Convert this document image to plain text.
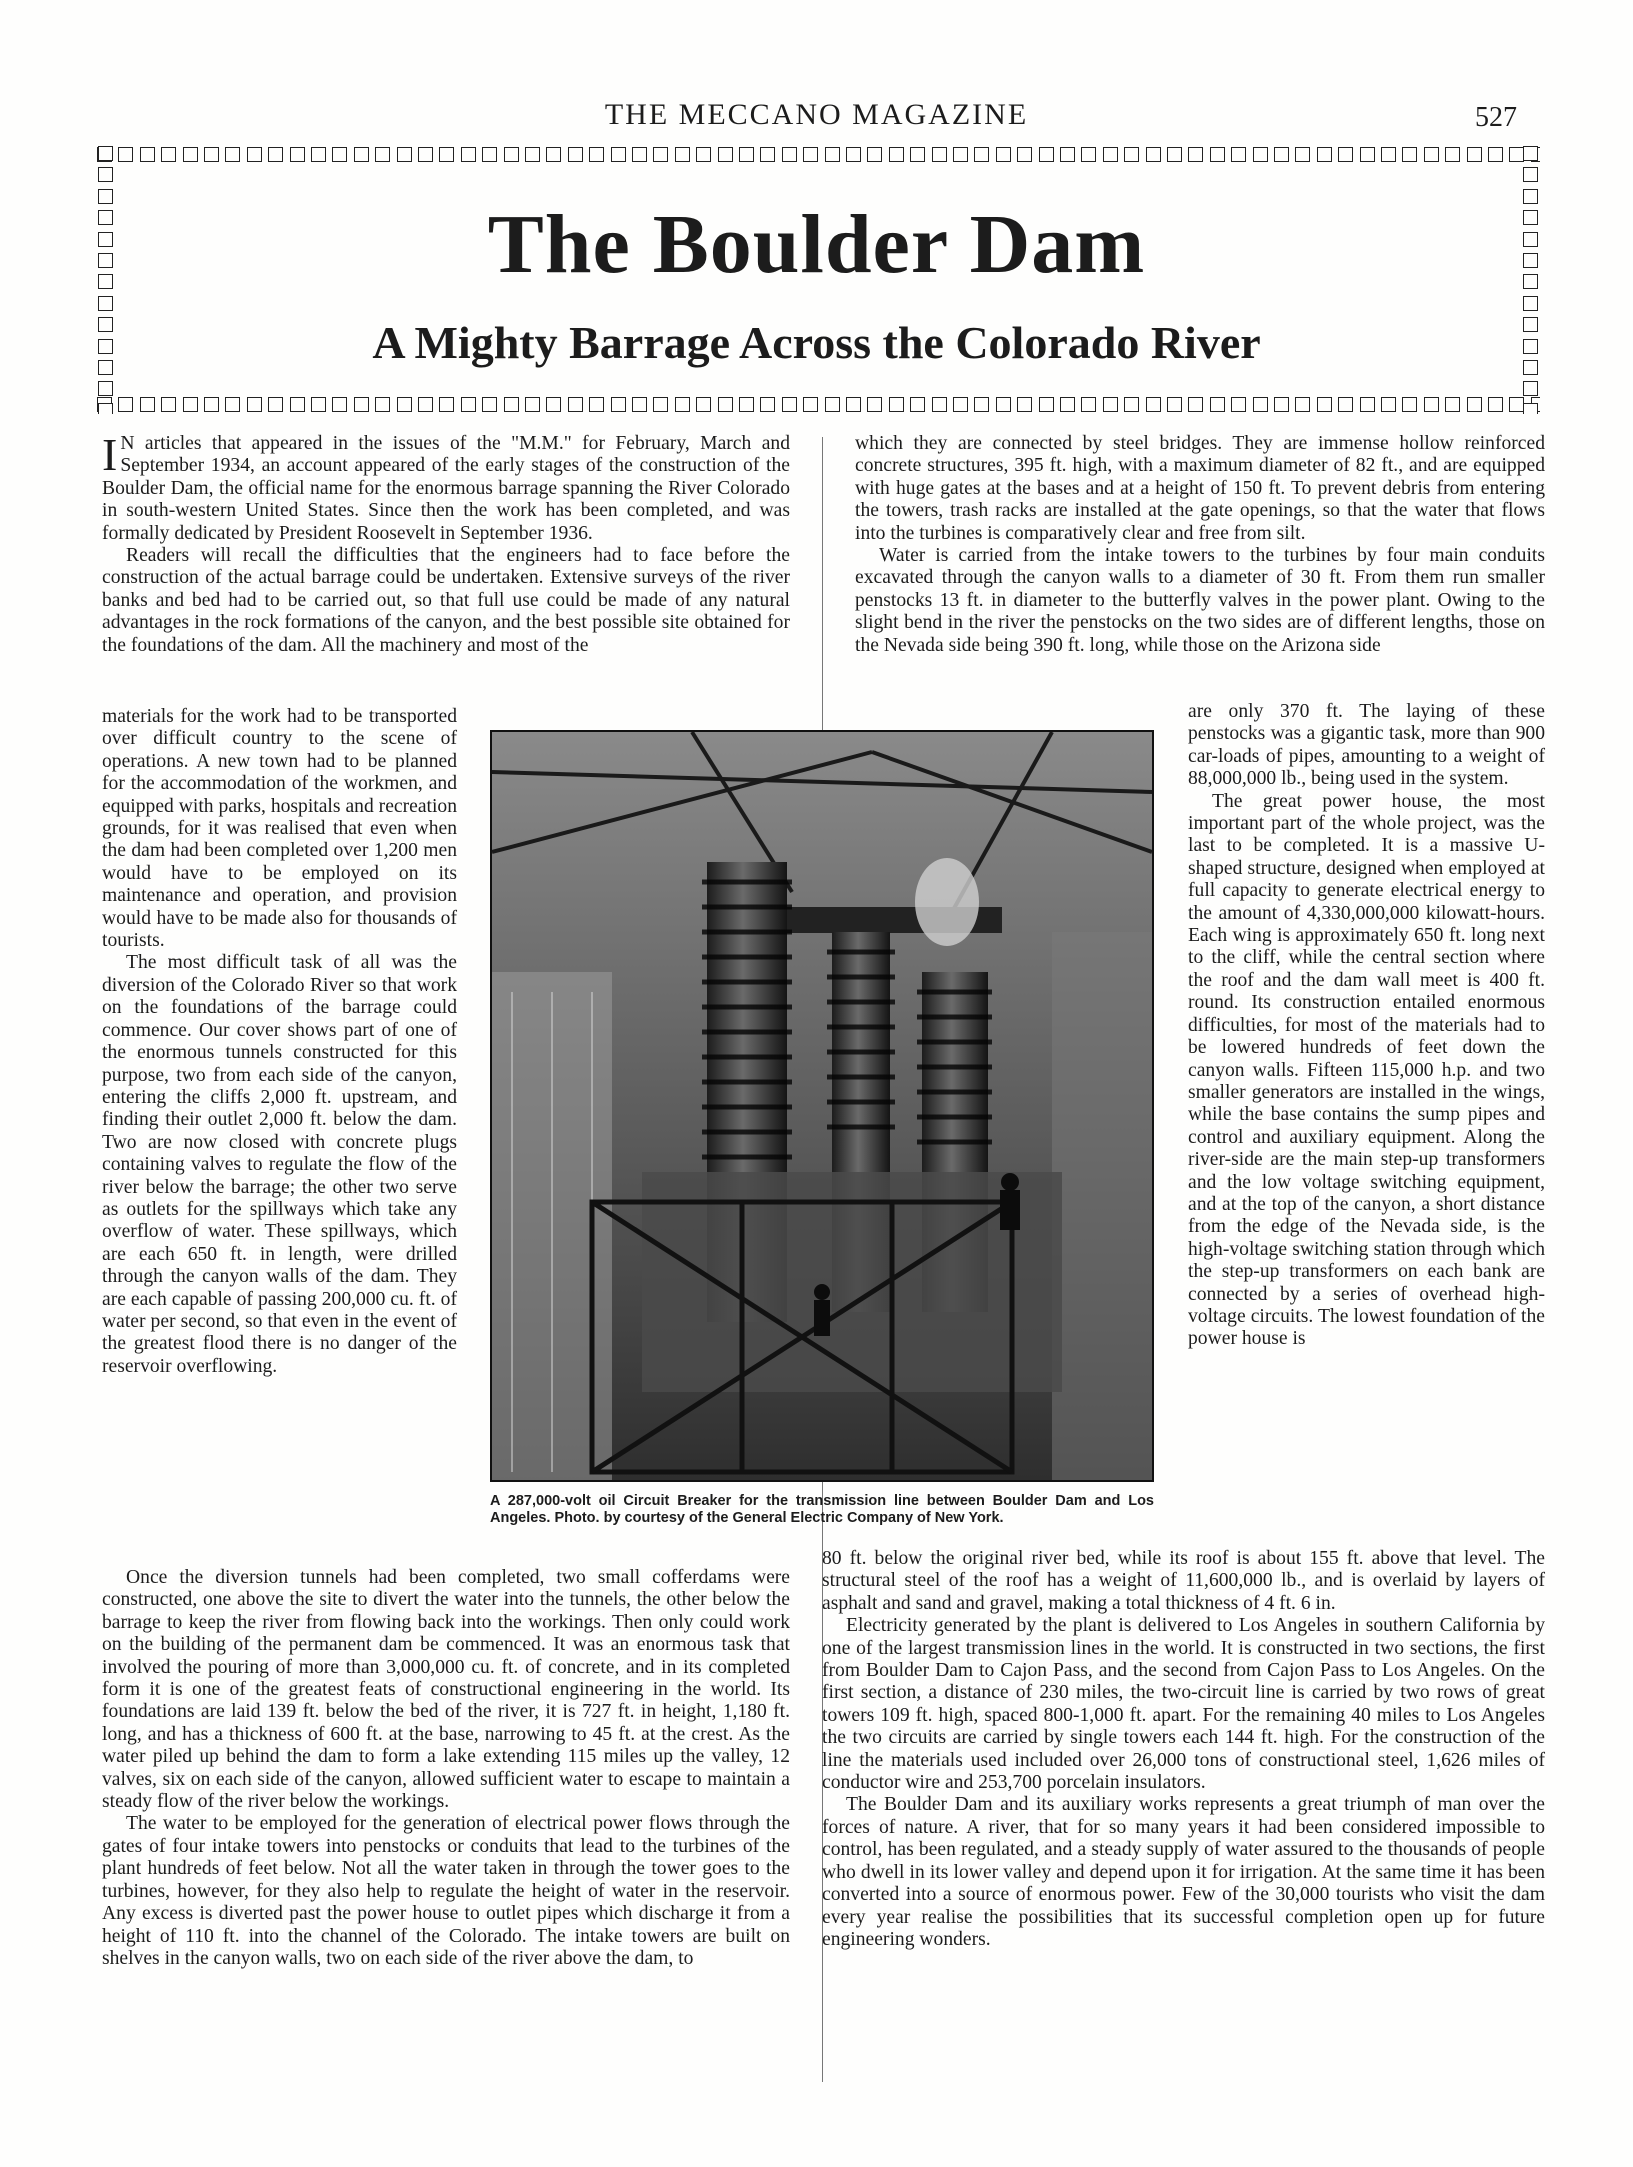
THE MECCANO MAGAZINE	527
The Boulder Dam
A Mighty Barrage Across the Colorado River

I N articles that appeared in the issues of the "M.M." for February, March and September 1934, an account appeared of the early stages of the construction of the Boulder Dam, the official name for the enormous barrage spanning the River Colorado in south-western United States. Since then the work has been completed, and was formally dedicated by President Roosevelt in September 1936.

Readers will recall the difficulties that the engineers had to face before the construction of the actual barrage could be undertaken. Extensive surveys of the river banks and bed had to be carried out, so that full use could be made of any natural advantages in the rock formations of the canyon, and the best possible site obtained for the foundations of the dam. All the machinery and most of the

materials for the work had to be transported over difficult country to the scene of operations. A new town had to be planned for the accommodation of the workmen, and equipped with parks, hospitals and recreation grounds, for it was realised that even when the dam had been completed over 1,200 men would have to be employed on its maintenance and operation, and provision would have to be made also for thousands of tourists.

The most difficult task of all was the diversion of the Colorado River so that work on the foundations of the barrage could commence. Our cover shows part of one of the enormous tunnels constructed for this purpose, two from each side of the canyon, entering the cliffs 2,000 ft. upstream, and finding their outlet 2,000 ft. below the dam. Two are now closed with concrete plugs containing valves to regulate the flow of the river below the barrage; the other two serve as outlets for the spillways which take any overflow of water. These spillways, which are each 650 ft. in length, were drilled through the canyon walls of the dam. They are each capable of passing 200,000 cu. ft. of water per second, so that even in the event of the greatest flood there is no danger of the reservoir overflowing.

Once the diversion tunnels had been completed, two small cofferdams were constructed, one above the site to divert the water into the tunnels, the other below the barrage to keep the river from flowing back into the workings. Then only could work on the building of the permanent dam be commenced. It was an enormous task that involved the pouring of more than 3,000,000 cu. ft. of concrete, and in its completed form it is one of the greatest feats of constructional engineering in the world. Its foundations are laid 139 ft. below the bed of the river, it is 727 ft. in height, 1,180 ft. long, and has a thickness of 600 ft. at the base, narrowing to 45 ft. at the crest. As the water piled up behind the dam to form a lake extending 115 miles up the valley, 12 valves, six on each side of the canyon, allowed sufficient water to escape to maintain a steady flow of the river below the workings.

The water to be employed for the generation of electrical power flows through the gates of four intake towers into penstocks or conduits that lead to the turbines of the plant hundreds of feet below. Not all the water taken in through the tower goes to the turbines, however, for they also help to regulate the height of water in the reservoir. Any excess is diverted past the power house to outlet pipes which discharge it from a height of 110 ft. into the channel of the Colorado. The intake towers are built on shelves in the canyon walls, two on each side of the river above the dam, to

which they are connected by steel bridges. They are immense hollow reinforced concrete structures, 395 ft. high, with a maximum diameter of 82 ft., and are equipped with huge gates at the bases and at a height of 150 ft. To prevent debris from entering the towers, trash racks are installed at the gate openings, so that the water that flows into the turbines is comparatively clear and free from silt.

Water is carried from the intake towers to the turbines by four main conduits excavated through the canyon walls to a diameter of 30 ft. From them run smaller penstocks 13 ft. in diameter to the butterfly valves in the power plant. Owing to the slight bend in the river the penstocks on the two sides are of different lengths, those on the Nevada side being 390 ft. long, while those on the Arizona side

are only 370 ft. The laying of these penstocks was a gigantic task, more than 900 car-loads of pipes, amounting to a weight of 88,000,000 lb., being used in the system.

The great power house, the most important part of the whole project, was the last to be completed. It is a massive U-shaped structure, designed when employed at full capacity to generate electrical energy to the amount of 4,330,000,000 kilowatt-hours. Each wing is approximately 650 ft. long next to the cliff, while the central section where the roof and the dam wall meet is 400 ft. round. Its construction entailed enormous difficulties, for most of the materials had to be lowered hundreds of feet down the canyon walls. Fifteen 115,000 h.p. and two smaller generators are installed in the wings, while the base contains the sump pipes and control and auxiliary equipment. Along the river-side are the main step-up transformers and the low voltage switching equipment, and at the top of the canyon, a short distance from the edge of the Nevada side, is the high-voltage switching station through which the step-up transformers on each bank are connected by a series of overhead high-voltage circuits. The lowest foundation of the power house is

80 ft. below the original river bed, while its roof is about 155 ft. above that level. The structural steel of the roof has a weight of 11,600,000 lb., and is overlaid by layers of asphalt and sand and gravel, making a total thickness of 4 ft. 6 in.

Electricity generated by the plant is delivered to Los Angeles in southern California by one of the largest transmission lines in the world. It is constructed in two sections, the first from Boulder Dam to Cajon Pass, and the second from Cajon Pass to Los Angeles. On the first section, a distance of 230 miles, the two-circuit line is carried by two rows of great towers 109 ft. high, spaced 800-1,000 ft. apart. For the remaining 40 miles to Los Angeles the two circuits are carried by single towers each 144 ft. high. For the construction of the line the materials used included over 26,000 tons of constructional steel, 1,626 miles of conductor wire and 253,700 porcelain insulators.

The Boulder Dam and its auxiliary works represents a great triumph of man over the forces of nature. A river, that for so many years it had been considered impossible to control, has been regulated, and a steady supply of water assured to the thousands of people who dwell in its lower valley and depend upon it for irrigation. At the same time it has been converted into a source of enormous power. Few of the 30,000 tourists who visit the dam every year realise the possibilities that its successful completion open up for future engineering wonders.

A 287,000-volt oil Circuit Breaker for the transmission line between Boulder Dam and Los Angeles. Photo. by courtesy of the General Electric Company of New York.
